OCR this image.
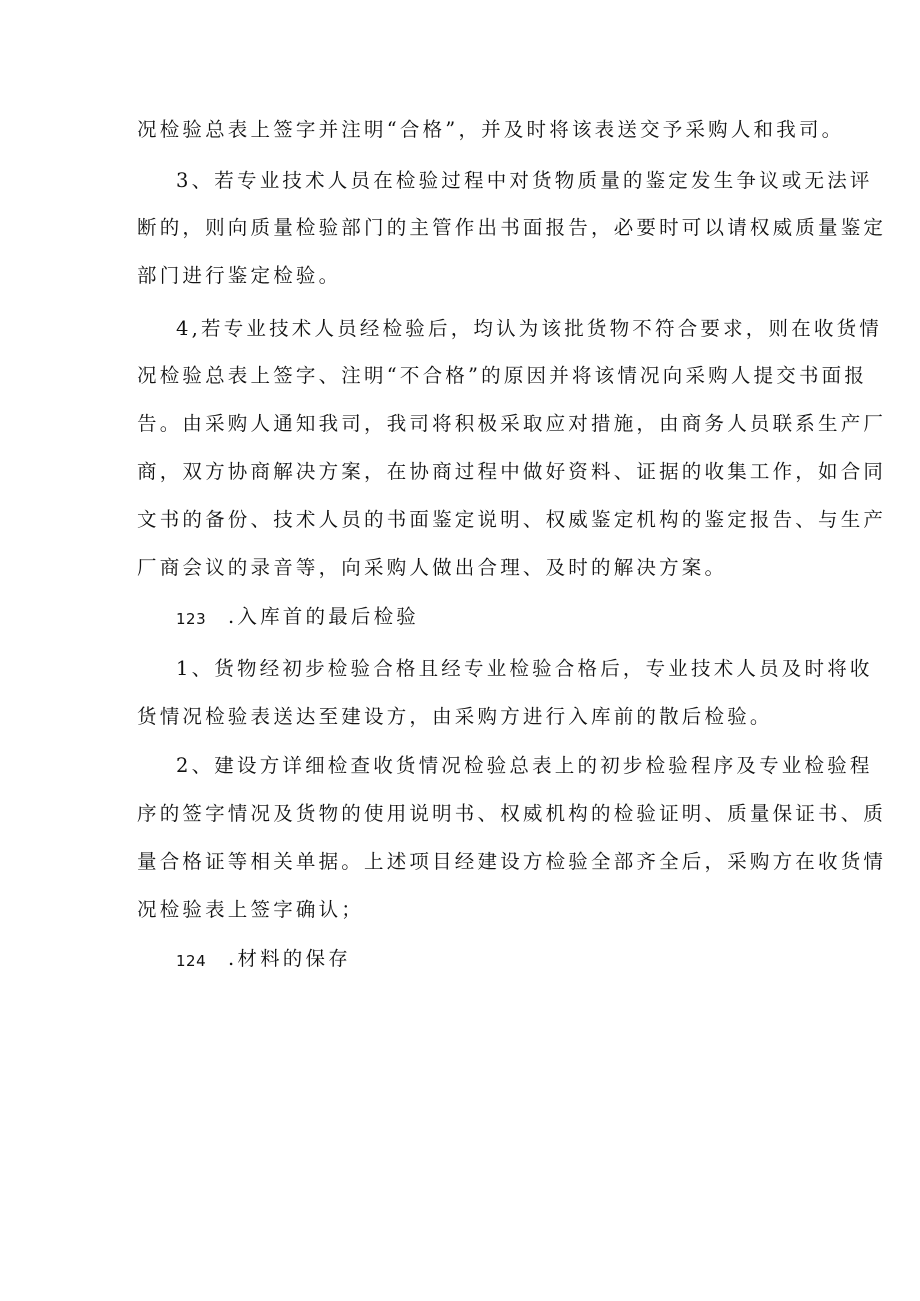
况检验总表上签字并注明“合格”，并及时将该表送交予采购人和我司。

3、若专业技术人员在检验过程中对货物质量的鉴定发生争议或无法评

断的，则向质量检验部门的主管作出书面报告，必要时可以请权威质量鉴定

部门进行鉴定检验。

4,若专业技术人员经检验后，均认为该批货物不符合要求，则在收货情

况检验总表上签字、注明“不合格”的原因并将该情况向采购人提交书面报

告。由采购人通知我司，我司将积极采取应对措施，由商务人员联系生产厂

商，双方协商解决方案，在协商过程中做好资料、证据的收集工作，如合同

文书的备份、技术人员的书面鉴定说明、权威鉴定机构的鉴定报告、与生产

厂商会议的录音等，向采购人做出合理、及时的解决方案。

123 .入库首的最后检验

1、货物经初步检验合格且经专业检验合格后，专业技术人员及时将收

货情况检验表送达至建设方，由采购方进行入库前的散后检验。

2、建设方详细检查收货情况检验总表上的初步检验程序及专业检验程

序的签字情况及货物的使用说明书、权威机构的检验证明、质量保证书、质

量合格证等相关单据。上述项目经建设方检验全部齐全后，采购方在收货情

况检验表上签字确认；

124 .材料的保存
